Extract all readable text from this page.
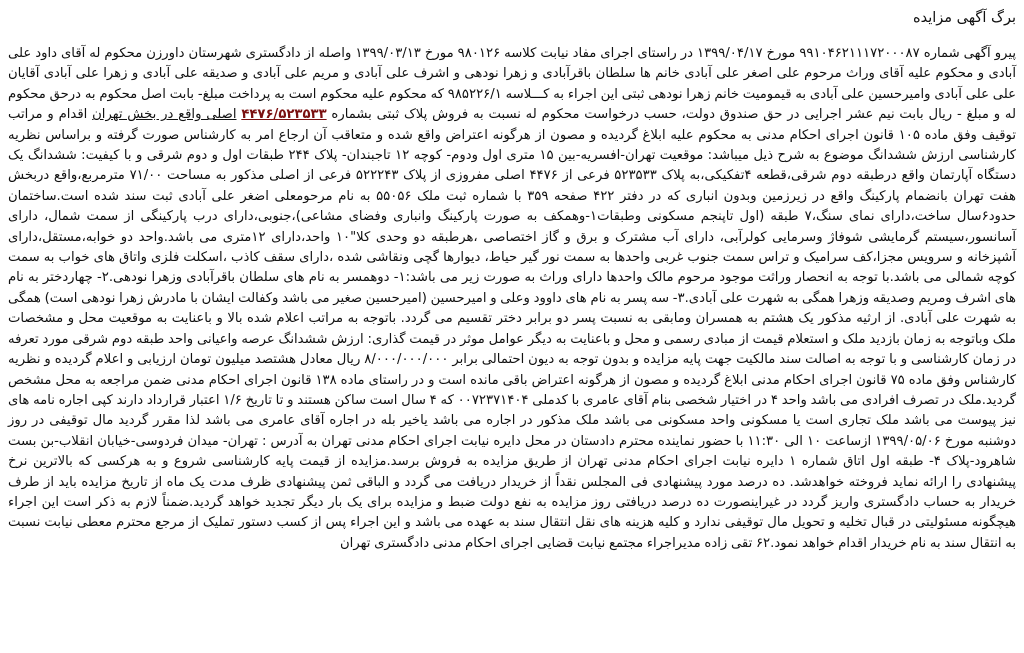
برگ آگهی مزایده

پیرو آگهی شماره ۹۹۱۰۴۶۲۱۱۱۷۲۰۰۰۸۷ مورخ ۱۳۹۹/۰۴/۱۷ در راستای اجرای مفاد نیابت کلاسه ۹۸۰۱۲۶ مورخ ۱۳۹۹/۰۳/۱۳ واصله از دادگستری شهرستان داورزن محکوم له آقای داود علی آبادی و محکوم علیه آقای وراث مرحوم علی اصغر علی آبادی خانم ها سلطان باقرآبادی و زهرا نودهی و اشرف علی آبادی و مریم علی آبادی و صدیقه علی آبادی و زهرا علی آبادی آقایان علی علی آبادی وامیرحسین علی آبادی به قیمومیت خانم زهرا نودهی ثبتی این اجراء به کـــلاسه ۹۸۵۲۲۶/۱ که محکوم علیه محکوم است به پرداخت مبلغ- بابت اصل محکوم به درحق محکوم له و مبلغ - ریال بابت نیم عشر اجرایی در حق صندوق دولت، حسب درخواست محکوم له نسبت به فروش پلاک ثبتی بشماره ۴۴۷۶/۵۲۳۵۳۳ اصلی واقع در بخش تهران اقدام و مراتب توقیف وفق ماده ۱۰۵ قانون اجرای احکام مدنی به محکوم علیه ابلاغ گردیده و مصون از هرگونه اعتراض واقع شده و متعاقب آن ارجاع امر به کارشناس صورت گرفته و براساس نظریه کارشناسی ارزش ششدانگ موضوع به شرح ذیل میباشد: موقعیت تهران-افسریه-بین ۱۵ متری اول ودوم- کوچه ۱۲ تاجبندان- پلاک ۲۴۴ طبقات اول و دوم شرقی و با کیفیت: ششدانگ یک دستگاه آپارتمان واقع درطبقه دوم شرقی،قطعه ۴تفکیکی،به پلاک ۵۲۳۵۳۳ فرعی از ۴۴۷۶ اصلی مفروزی از پلاک ۵۲۲۲۴۳ فرعی از اصلی مذکور به مساحت ۷۱/۰۰ مترمربع،واقع دربخش هفت تهران بانضمام پارکینگ واقع در زیرزمین وبدون انباری که در دفتر ۴۲۲ صفحه ۳۵۹ با شماره ثبت ملک ۵۵۰۵۶ به نام مرحومعلی اضغر علی آبادی ثبت سند شده است.ساختمان حدود۶سال ساخت،دارای نمای سنگ،۷ طبقه (اول تاپنجم مسکونی وطبقات۱-وهمکف به صورت پارکینگ وانباری وفضای مشاعی)،جنوبی،دارای درب پارکینگی از سمت شمال، دارای آسانسور،سیستم گرمایشی شوفاژ وسرمایی کولرآبی، دارای آب مشترک و برق و گاز اختصاصی ،هرطبقه دو وحدی کلا"۱۰ واحد،دارای ۱۲متری می باشد.واحد دو خوابه،مستقل،دارای آشپزخانه و سرویس مجزا،کف سرامیک و تراس سمت جنوب غربی واحدها به سمت نور گیر حیاط، دیوارها گچی ونقاشی شده ،دارای سقف کاذب ،اسکلت فلزی واتاق های خواب به سمت کوچه شمالی می باشد.با توجه به انحصار وراثت موجود مرحوم مالک واحدها دارای وراث به صورت زیر می باشد:۱- دوهمسر به نام های سلطان باقرآبادی وزهرا نودهی.۲- چهاردختر به نام های اشرف ومریم وصدیقه وزهرا همگی به شهرت علی آبادی.۳- سه پسر به نام های داوود وعلی و امیرحسین (امیرحسین صغیر می باشد وکفالت ایشان با مادرش زهرا نودهی است) همگی به شهرت علی آبادی. از ارثیه مذکور یک هشتم به همسران ومابقی به نسبت پسر دو برابر دختر تقسیم می گردد. باتوجه به مراتب اعلام شده بالا و باعنایت به موقعیت محل و مشخصات ملک وباتوجه به زمان بازدید ملک و استعلام قیمت از مبادی رسمی و محل و باعنایت به دیگر عوامل موثر در قیمت گذاری: ارزش ششدانگ عرصه واعیانی واحد طبقه دوم شرقی مورد تعرفه در زمان کارشناسی و با توجه به اصالت سند مالکیت جهت پایه مزایده و بدون توجه به دیون احتمالی برابر ۸/۰۰۰/۰۰۰/۰۰۰ ریال معادل هشتصد میلیون تومان ارزیابی و اعلام گردیده و نظریه کارشناس وفق ماده ۷۵ قانون اجرای احکام مدنی ابلاغ گردیده و مصون از هرگونه اعتراض باقی مانده است و در راستای ماده ۱۳۸ قانون اجرای احکام مدنی ضمن مراجعه به محل مشخص گردید.ملک در تصرف افرادی می باشد واحد ۴ در اختیار شخصی بنام آقای عامری با کدملی ۰۰۷۲۳۷۱۴۰۴ که ۴ سال است ساکن هستند و تا تاریخ ۱/۶ اعتبار قرارداد دارند کپی اجاره نامه های نیز پیوست می باشد ملک تجاری است یا مسکونی واحد مسکونی می باشد ملک مذکور در اجاره می باشد یاخیر بله در اجاره آقای عامری می باشد لذا مقرر گردید مال توقیفی در روز دوشنبه مورخ ۱۳۹۹/۰۵/۰۶ ازساعت ۱۰ الی ۱۱:۳۰ با حضور نماینده محترم دادستان در محل دایره نیابت اجرای احکام مدنی تهران به آدرس : تهران- میدان فردوسی-خیابان انقلاب-بن بست شاهرود-پلاک ۴- طبقه اول اتاق شماره ۱ دایره نیابت اجرای احکام مدنی تهران از طریق مزایده به فروش برسد.مزایده از قیمت پایه کارشناسی شروع و به هرکسی که بالاترین نرخ پیشنهادی را ارائه نماید فروخته خواهدشد. ده درصد مورد پیشنهادی فی المجلس نقداً از خریدار دریافت می گردد و الباقی ثمن پیشنهادی ظرف مدت یک ماه از تاریخ مزایده باید از طرف خریدار به حساب دادگستری واریز گردد در غیراینصورت ده درصد دریافتی روز مزایده به نفع دولت ضبط و مزایده برای یک بار دیگر تجدید خواهد گردید.ضمناً لازم به ذکر است این اجراء هیچگونه مسئولیتی در قبال تخلیه و تحویل مال توقیفی ندارد و کلیه هزینه های نقل انتقال سند به عهده می باشد و این اجراء پس از کسب دستور تملیک از مرجع محترم معطی نیابت نسبت به انتقال سند به نام خریدار اقدام خواهد نمود.۶۲ تقی زاده مدیراجراء مجتمع نیابت قضایی اجرای احکام مدنی دادگستری تهران
